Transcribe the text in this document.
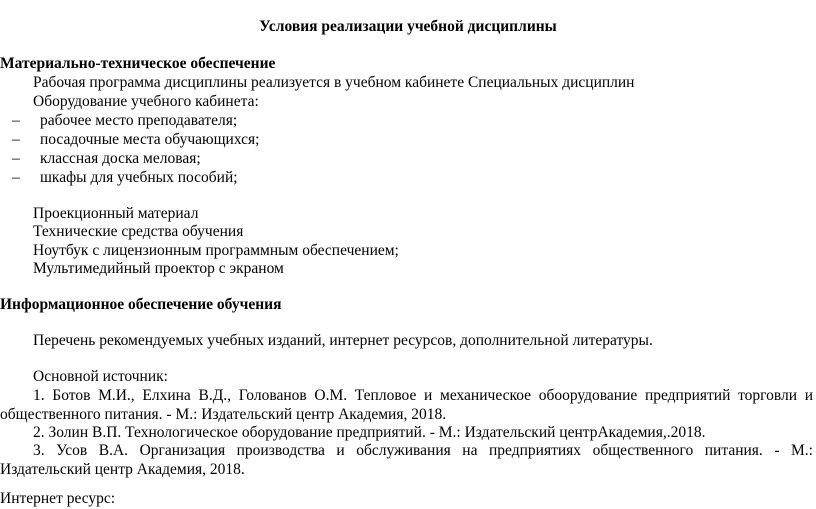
Условия реализации учебной дисциплины
Материально-техническое обеспечение
Рабочая программа дисциплины реализуется в учебном кабинете Специальных дисциплин
Оборудование учебного кабинета:
– рабочее место преподавателя;
– посадочные места обучающихся;
– классная доска меловая;
– шкафы для учебных пособий;
Проекционный материал
Технические средства обучения
Ноутбук с лицензионным программным обеспечением;
Мультимедийный проектор с экраном
Информационное обеспечение обучения
Перечень рекомендуемых учебных изданий, интернет ресурсов, дополнительной литературы.
Основной источник:
1. Ботов М.И., Елхина В.Д., Голованов О.М. Тепловое и механическое обоорудование предприятий торговли и
общественного питания. - М.: Издательский центр Академия, 2018.
2. Золин В.П. Технологическое обoрудование предприятий. - М.: Издательский центрАкадемия,.2018.
3. Усов В.А. Организация производства и обслуживания на предприятиях общественного питания. - М.:
Издательский центр Академия, 2018.
Интернет ресурс:
